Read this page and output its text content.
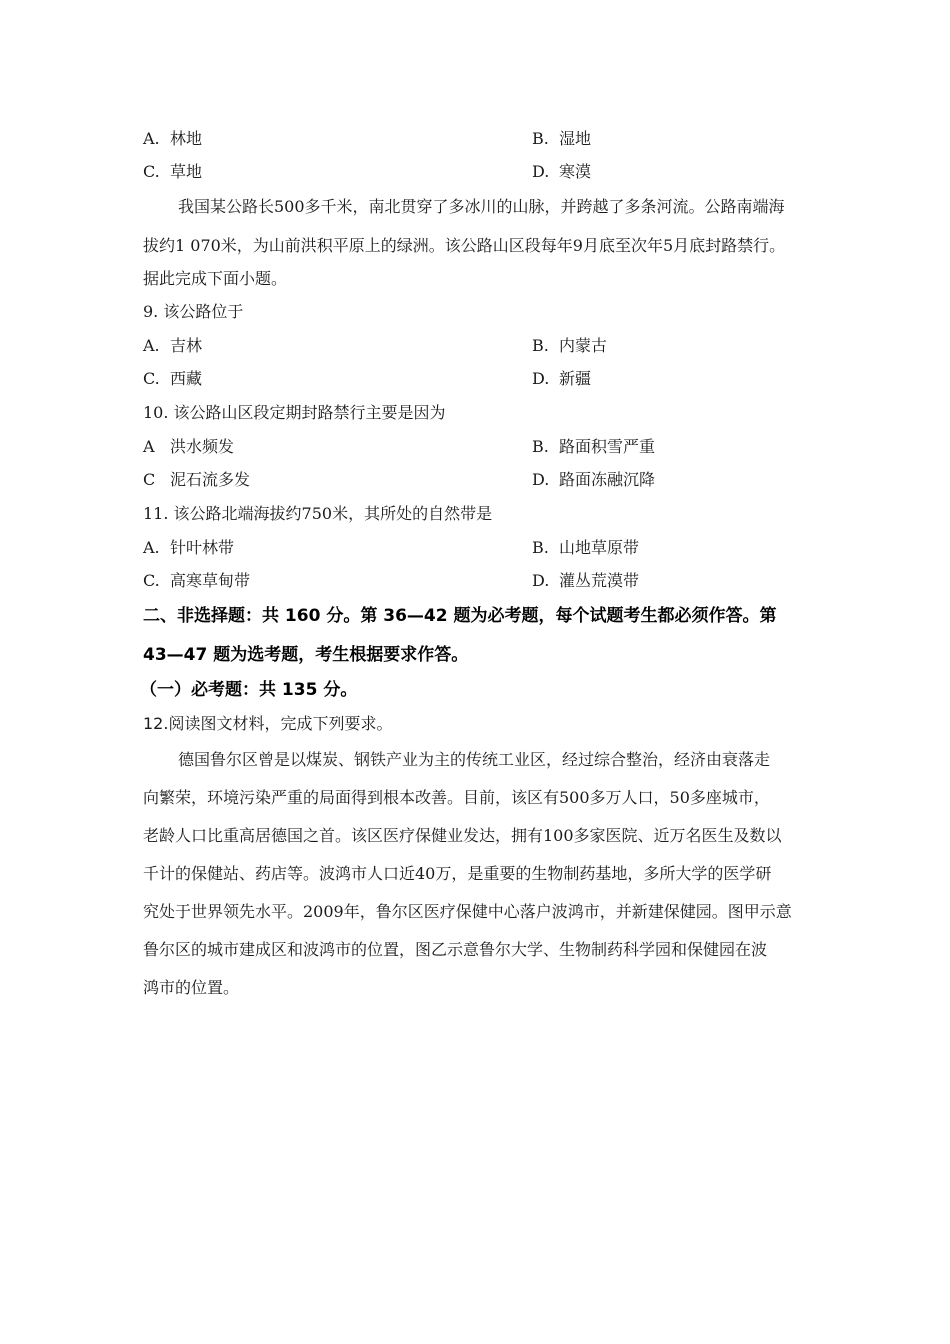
A. 林地	B. 湿地
C. 草地	D. 寒漠
我国某公路长500多千米，南北贯穿了多冰川的山脉，并跨越了多条河流。公路南端海
拔约1 070米，为山前洪积平原上的绿洲。该公路山区段每年9月底至次年5月底封路禁行。
据此完成下面小题。
9. 该公路位于
A. 吉林	B. 内蒙古
C. 西藏	D. 新疆
10. 该公路山区段定期封路禁行主要是因为
A 洪水频发	B. 路面积雪严重
C 泥石流多发	D. 路面冻融沉降
11. 该公路北端海拔约750米，其所处的自然带是
A. 针叶林带	B. 山地草原带
C. 高寒草甸带	D. 灌丛荒漠带
二、非选择题：共 160 分。第 36—42 题为必考题，每个试题考生都必须作答。第
43—47 题为选考题，考生根据要求作答。
（一）必考题：共 135 分。
12.阅读图文材料，完成下列要求。
德国鲁尔区曾是以煤炭、钢铁产业为主的传统工业区，经过综合整治，经济由衰落走
向繁荣，环境污染严重的局面得到根本改善。目前，该区有500多万人口，50多座城市，
老龄人口比重高居德国之首。该区医疗保健业发达，拥有100多家医院、近万名医生及数以
千计的保健站、药店等。波鸿市人口近40万，是重要的生物制药基地，多所大学的医学研
究处于世界领先水平。2009年，鲁尔区医疗保健中心落户波鸿市，并新建保健园。图甲示意
鲁尔区的城市建成区和波鸿市的位置，图乙示意鲁尔大学、生物制药科学园和保健园在波
鸿市的位置。
